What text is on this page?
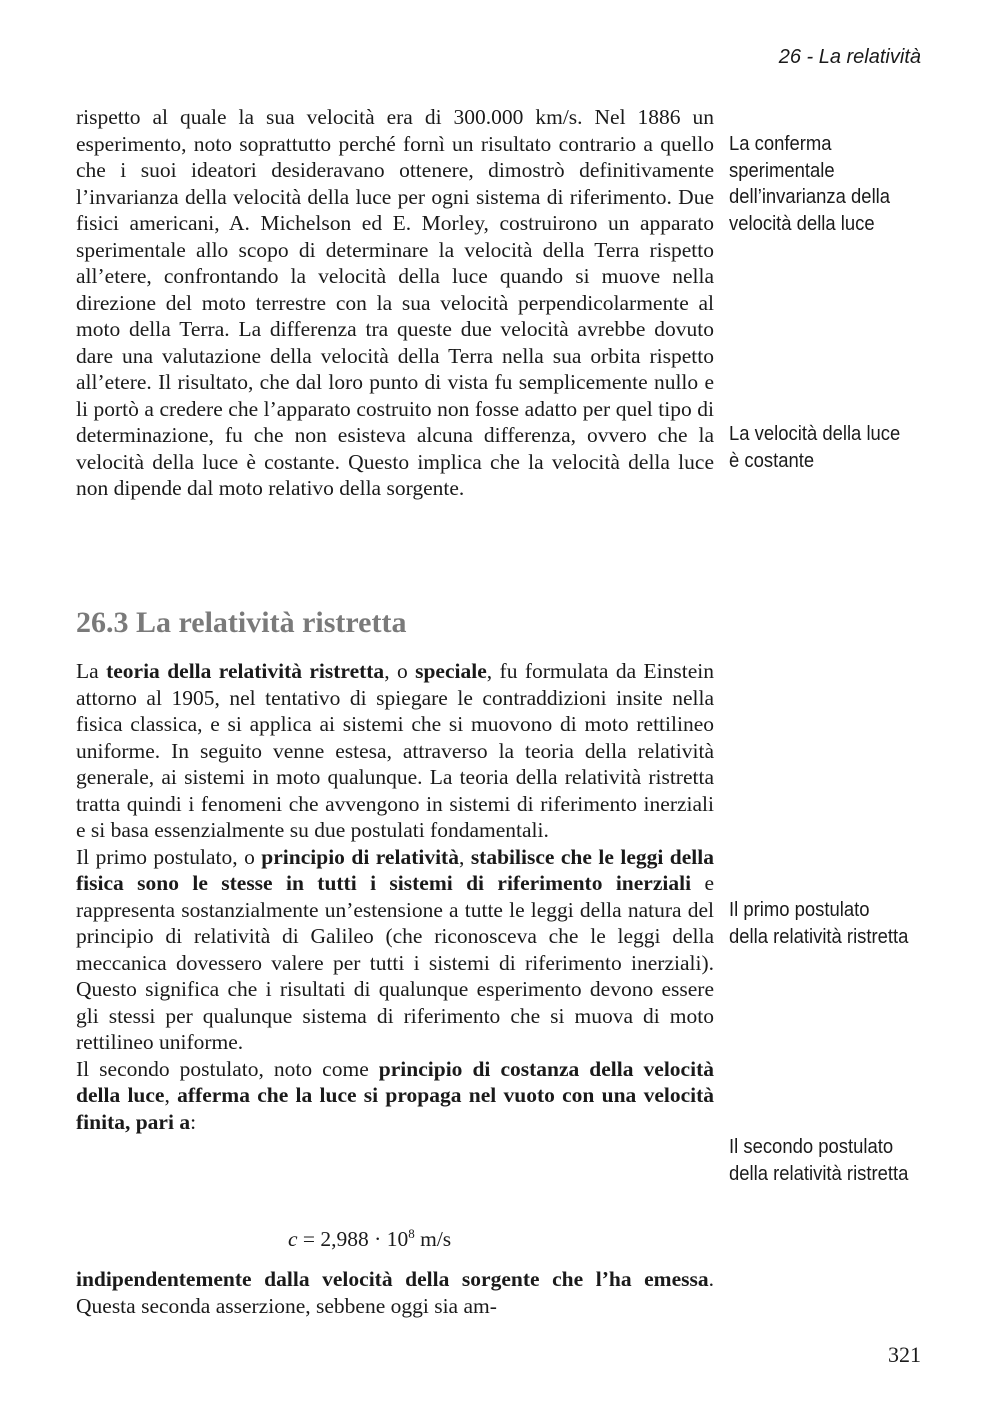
26 - La relatività

rispetto al quale la sua velocità era di 300.000 km/s. Nel 1886 un esperimento, noto soprattutto perché fornì un risultato contrario a quello che i suoi ideatori desideravano ottenere, dimostrò definitivamente l’invarianza della velocità della luce per ogni sistema di riferimento. Due fisici americani, A. Michelson ed E. Morley, costruirono un apparato sperimentale allo scopo di determinare la velocità della Terra rispetto all’etere, confrontando la velocità della luce quando si muove nella direzione del moto terrestre con la sua velocità perpendicolarmente al moto della Terra. La differenza tra queste due velocità avrebbe dovuto dare una valutazione della velocità della Terra nella sua orbita rispetto all’etere. Il risultato, che dal loro punto di vista fu semplicemente nullo e li portò a credere che l’apparato costruito non fosse adatto per quel tipo di determinazione, fu che non esisteva alcuna differenza, ovvero che la velocità della luce è costante. Questo implica che la velocità della luce non dipende dal moto relativo della sorgente.

La conferma sperimentale dell’invarianza della velocità della luce
La velocità della luce è costante
26.3 La relatività ristretta

La teoria della relatività ristretta, o speciale, fu formulata da Einstein attorno al 1905, nel tentativo di spiegare le contraddizioni insite nella fisica classica, e si applica ai sistemi che si muovono di moto rettilineo uniforme. In seguito venne estesa, attraverso la teoria della relatività generale, ai sistemi in moto qualunque. La teoria della relatività ristretta tratta quindi i fenomeni che avvengono in sistemi di riferimento inerziali e si basa essenzialmente su due postulati fondamentali.

Il primo postulato, o principio di relatività, stabilisce che le leggi della fisica sono le stesse in tutti i sistemi di riferimento inerziali e rappresenta sostanzialmente un’estensione a tutte le leggi della natura del principio di relatività di Galileo (che riconosceva che le leggi della meccanica dovessero valere per tutti i sistemi di riferimento inerziali). Questo significa che i risultati di qualunque esperimento devono essere gli stessi per qualunque sistema di riferimento che si muova di moto rettilineo uniforme.

Il secondo postulato, noto come principio di costanza della velocità della luce, afferma che la luce si propaga nel vuoto con una velocità finita, pari a:

Il primo postulato della relatività ristretta
Il secondo postulato della relatività ristretta
$c = 2,988 \cdot 10^8$ m/s

indipendentemente dalla velocità della sorgente che l’ha emessa. Questa seconda asserzione, sebbene oggi sia am-

321
